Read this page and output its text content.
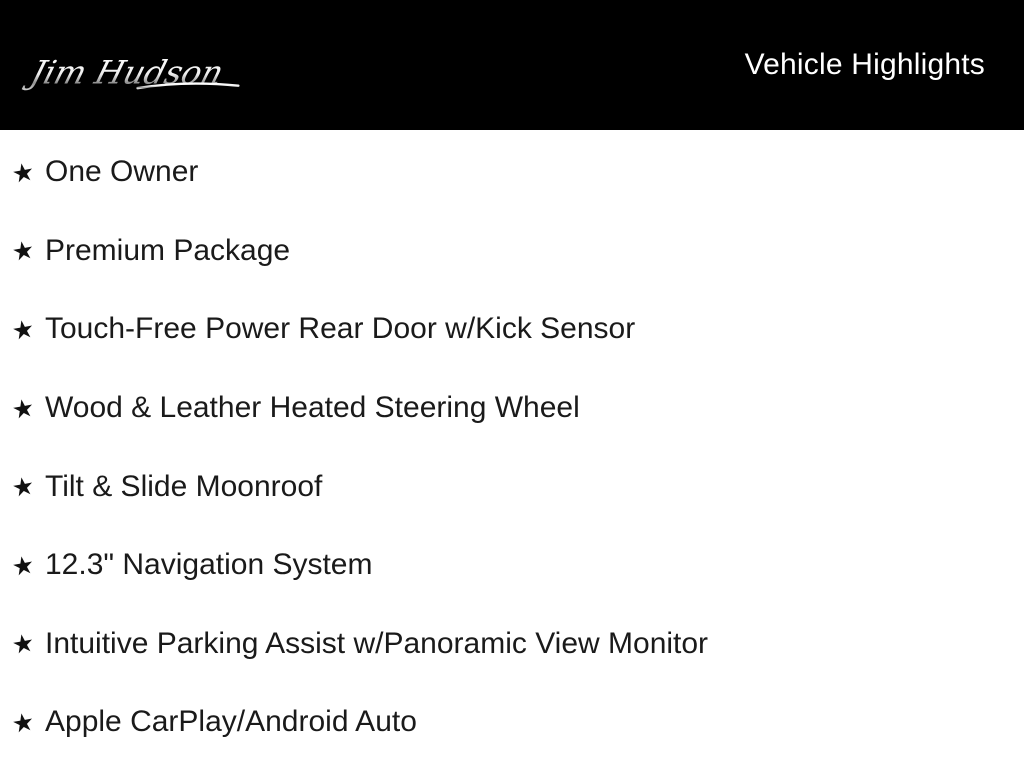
Jim Hudson	Vehicle Highlights
★ One Owner
★ Premium Package
★ Touch-Free Power Rear Door w/Kick Sensor
★ Wood & Leather Heated Steering Wheel
★ Tilt & Slide Moonroof
★ 12.3" Navigation System
★ Intuitive Parking Assist w/Panoramic View Monitor
★ Apple CarPlay/Android Auto
